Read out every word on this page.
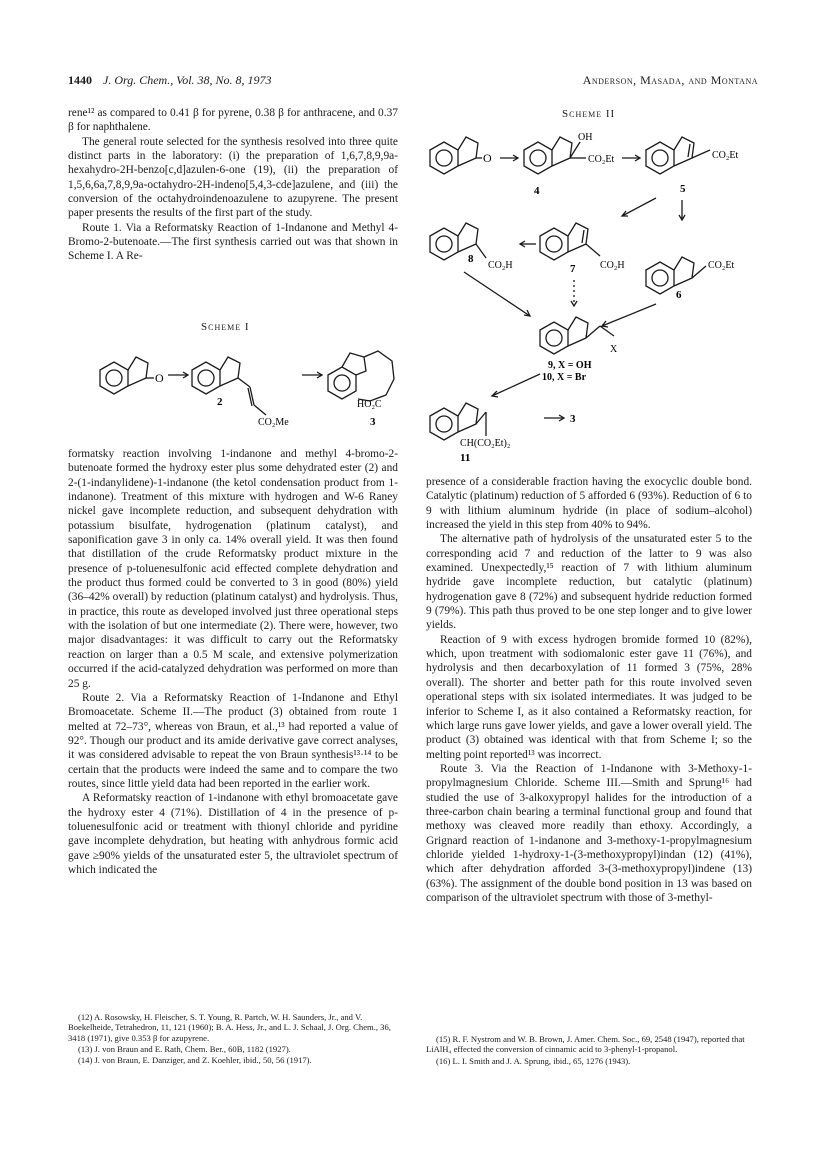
1440 J. Org. Chem., Vol. 38, No. 8, 1973	Anderson, Masada, and Montana

rene¹² as compared to 0.41 β for pyrene, 0.38 β for anthracene, and 0.37 β for naphthalene.

The general route selected for the synthesis resolved into three quite distinct parts in the laboratory: (i) the preparation of 1,6,7,8,9,9a-hexahydro-2H-benzo[c,d]azulen-6-one (19), (ii) the preparation of 1,5,6,6a,7,8,9,9a-octahydro-2H-indeno[5,4,3-cde]azulene, and (iii) the conversion of the octahydroindenoazulene to azupyrene. The present paper presents the results of the first part of the study.

Route 1. Via a Reformatsky Reaction of 1-Indanone and Methyl 4-Bromo-2-butenoate.—The first synthesis carried out was that shown in Scheme I. A Re-

Scheme I
O
CO₂Me
HO₂C
2
3

formatsky reaction involving 1-indanone and methyl 4-bromo-2-butenoate formed the hydroxy ester plus some dehydrated ester (2) and 2-(1-indanylidene)-1-indanone (the ketol condensation product from 1-indanone). Treatment of this mixture with hydrogen and W-6 Raney nickel gave incomplete reduction, and subsequent dehydration with potassium bisulfate, hydrogenation (platinum catalyst), and saponification gave 3 in only ca. 14% overall yield. It was then found that distillation of the crude Reformatsky product mixture in the presence of p-toluenesulfonic acid effected complete dehydration and the product thus formed could be converted to 3 in good (80%) yield (36–42% overall) by reduction (platinum catalyst) and hydrolysis. Thus, in practice, this route as developed involved just three operational steps with the isolation of but one intermediate (2). There were, however, two major disadvantages: it was difficult to carry out the Reformatsky reaction on larger than a 0.5 M scale, and extensive polymerization occurred if the acid-catalyzed dehydration was performed on more than 25 g.

Route 2. Via a Reformatsky Reaction of 1-Indanone and Ethyl Bromoacetate. Scheme II.—The product (3) obtained from route 1 melted at 72–73°, whereas von Braun, et al.,¹³ had reported a value of 92°. Though our product and its amide derivative gave correct analyses, it was considered advisable to repeat the von Braun synthesis¹³·¹⁴ to be certain that the products were indeed the same and to compare the two routes, since little yield data had been reported in the earlier work.

A Reformatsky reaction of 1-indanone with ethyl bromoacetate gave the hydroxy ester 4 (71%). Distillation of 4 in the presence of p-toluenesulfonic acid or treatment with thionyl chloride and pyridine gave incomplete dehydration, but heating with anhydrous formic acid gave ≥90% yields of the unsaturated ester 5, the ultraviolet spectrum of which indicated the

(12) A. Rosowsky, H. Fleischer, S. T. Young, R. Partch, W. H. Saunders, Jr., and V. Boekelheide, Tetrahedron, 11, 121 (1960); B. A. Hess, Jr., and L. J. Schaal, J. Org. Chem., 36, 3418 (1971), give 0.353 β for azupyrene.

(13) J. von Braun and E. Rath, Chem. Ber., 60B, 1182 (1927).

(14) J. von Braun, E. Danziger, and Z. Koehler, ibid., 50, 56 (1917).

Scheme II
O
OH
CO₂Et	CO₂Et
4	5
CO₂H	CO₂H
8
7	CO₂Et
6
X
9, X = OH
10, X = Br
CH(CO₂Et)₂
11
3

presence of a considerable fraction having the exocyclic double bond. Catalytic (platinum) reduction of 5 afforded 6 (93%). Reduction of 6 to 9 with lithium aluminum hydride (in place of sodium–alcohol) increased the yield in this step from 40% to 94%.

The alternative path of hydrolysis of the unsaturated ester 5 to the corresponding acid 7 and reduction of the latter to 9 was also examined. Unexpectedly,¹⁵ reaction of 7 with lithium aluminum hydride gave incomplete reduction, but catalytic (platinum) hydrogenation gave 8 (72%) and subsequent hydride reduction formed 9 (79%). This path thus proved to be one step longer and to give lower yields.

Reaction of 9 with excess hydrogen bromide formed 10 (82%), which, upon treatment with sodiomalonic ester gave 11 (76%), and hydrolysis and then decarboxylation of 11 formed 3 (75%, 28% overall). The shorter and better path for this route involved seven operational steps with six isolated intermediates. It was judged to be inferior to Scheme I, as it also contained a Reformatsky reaction, for which large runs gave lower yields, and gave a lower overall yield. The product (3) obtained was identical with that from Scheme I; so the melting point reported¹³ was incorrect.

Route 3. Via the Reaction of 1-Indanone with 3-Methoxy-1-propylmagnesium Chloride. Scheme III.—Smith and Sprung¹⁶ had studied the use of 3-alkoxypropyl halides for the introduction of a three-carbon chain bearing a terminal functional group and found that methoxy was cleaved more readily than ethoxy. Accordingly, a Grignard reaction of 1-indanone and 3-methoxy-1-propylmagnesium chloride yielded 1-hydroxy-1-(3-methoxypropyl)indan (12) (41%), which after dehydration afforded 3-(3-methoxypropyl)indene (13) (63%). The assignment of the double bond position in 13 was based on comparison of the ultraviolet spectrum with those of 3-methyl-

(15) R. F. Nystrom and W. B. Brown, J. Amer. Chem. Soc., 69, 2548 (1947), reported that LiAlH₄ effected the conversion of cinnamic acid to 3-phenyl-1-propanol.

(16) L. I. Smith and J. A. Sprung, ibid., 65, 1276 (1943).
